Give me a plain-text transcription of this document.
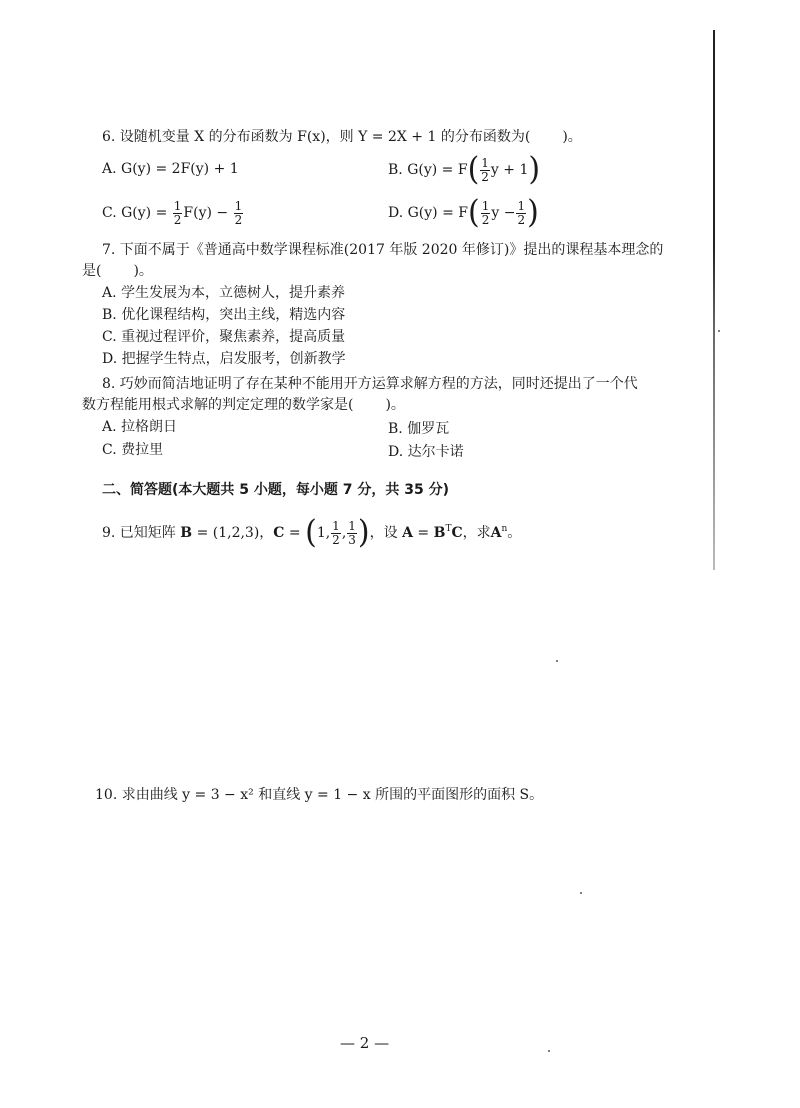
6. 设随机变量 X 的分布函数为 F(x)，则 Y = 2X + 1 的分布函数为( )。
A. G(y) = 2F(y) + 1	B. $G(y) = F( \frac{1}{2}$ y + 1)
C. $G(y) = \frac{1}{2} F(y) - \frac{1}{2}$	D. $G(y) = F( \frac{1}{2}$ $y - \frac{1}{2}$ )
7. 下面不属于《普通高中数学课程标准(2017 年版 2020 年修订)》提出的课程基本理念的
是( )。
A. 学生发展为本，立德树人，提升素养
B. 优化课程结构，突出主线，精选内容
C. 重视过程评价，聚焦素养，提高质量
D. 把握学生特点，启发服考，创新教学
8. 巧妙而简洁地证明了存在某种不能用开方运算求解方程的方法，同时还提出了一个代
数方程能用根式求解的判定定理的数学家是( )。
A. 拉格朗日	B. 伽罗瓦
C. 费拉里	D. 达尔卡诺
二、简答题(本大题共 5 小题，每小题 7 分，共 35 分)
9. 已知矩阵 B = (1,2,3)，C = (1, $\frac{1}{2}$ , $\frac{1}{3}$ )，设 $A = B^TC$，求$A^n$。
10. 求由曲线 y = 3 − x² 和直线 y = 1 − x 所围的平面图形的面积 S。
— 2 —
